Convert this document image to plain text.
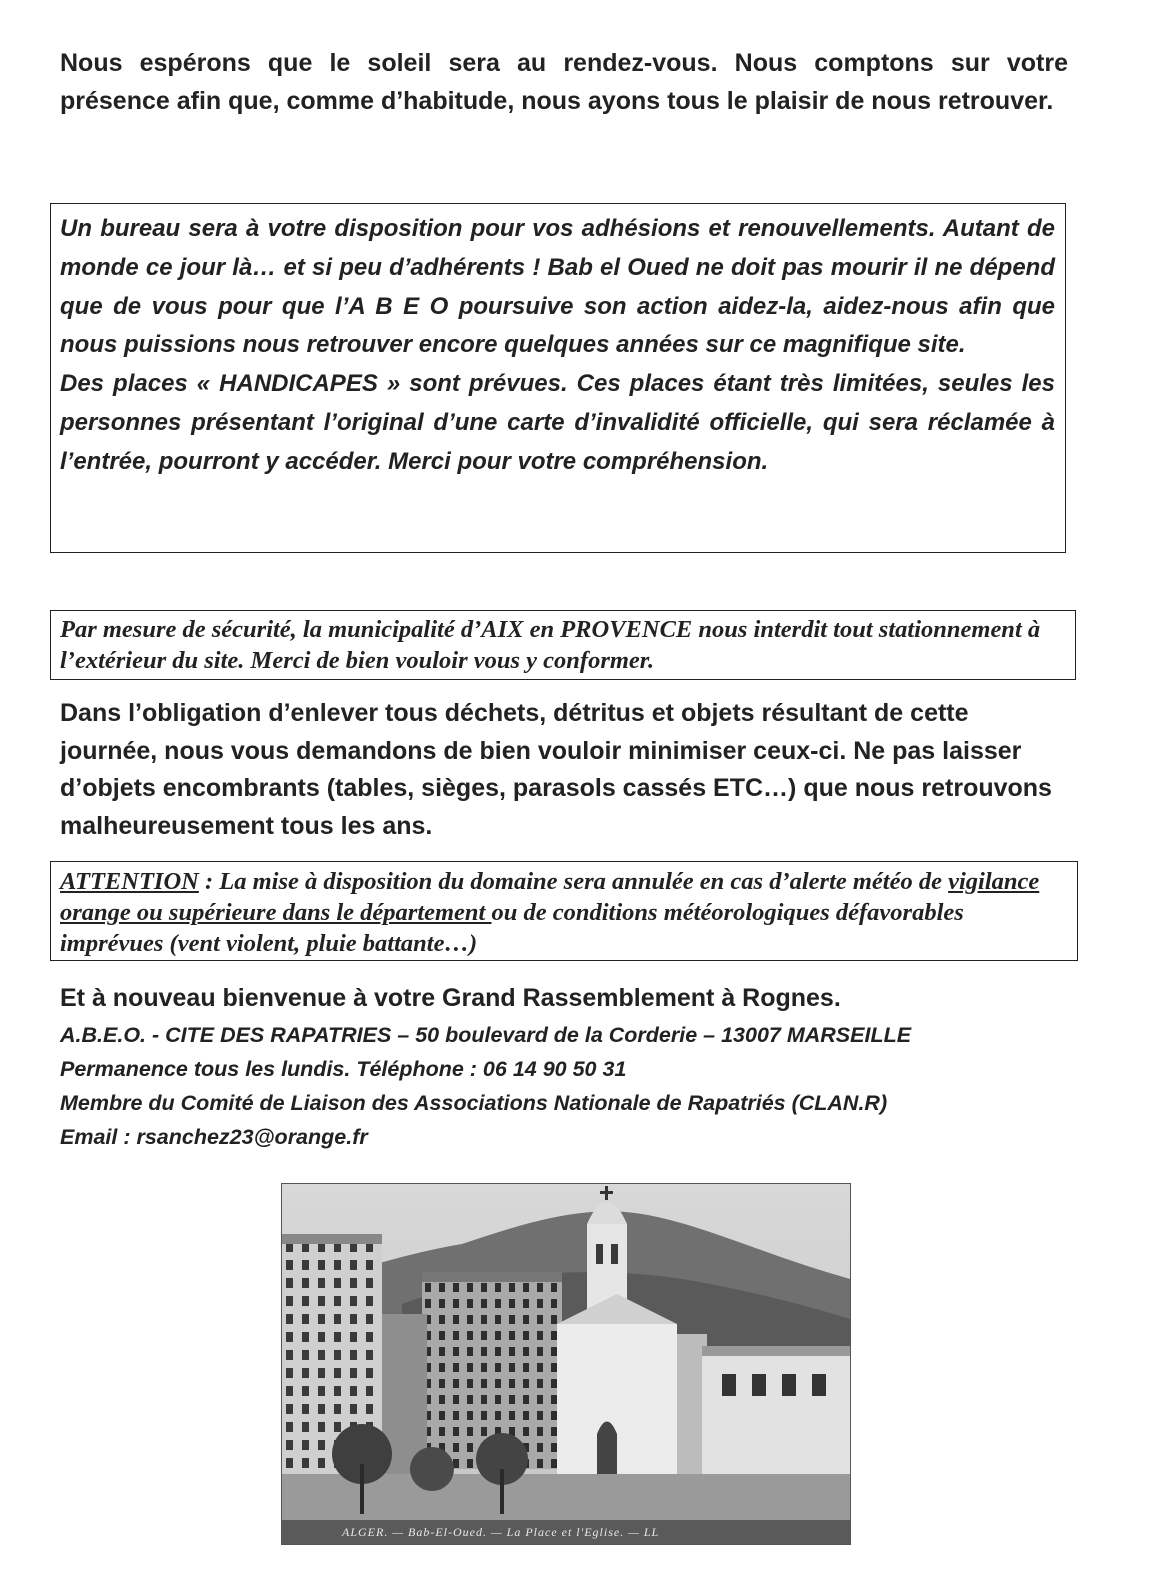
Nous espérons que le soleil sera au rendez-vous. Nous comptons sur votre présence afin que, comme d’habitude, nous ayons tous le plaisir de nous retrouver.

Un bureau sera à votre disposition pour vos adhésions et renouvellements. Autant de monde ce jour là… et si peu d’adhérents ! Bab el Oued ne doit pas mourir il ne dépend que de vous pour que l’A B E O poursuive son action aidez-la, aidez-nous afin que nous puissions nous retrouver encore quelques années sur ce magnifique site.

Des places « HANDICAPES » sont prévues. Ces places étant très limitées, seules les personnes présentant l’original d’une carte d’invalidité officielle, qui sera réclamée à l’entrée, pourront y accéder. Merci pour votre compréhension.

Par mesure de sécurité, la municipalité d’AIX en PROVENCE nous interdit tout stationnement à l’extérieur du site. Merci de bien vouloir vous y conformer.
Dans l’obligation d’enlever tous déchets, détritus et objets résultant de cette journée, nous vous demandons de bien vouloir minimiser ceux-ci. Ne pas laisser d’objets encombrants (tables, sièges, parasols cassés ETC…) que nous retrouvons malheureusement tous les ans.
ATTENTION : La mise à disposition du domaine sera annulée en cas d’alerte météo de vigilance orange ou supérieure dans le département ou de conditions météorologiques défavorables imprévues (vent violent, pluie battante…)
Et à nouveau bienvenue à votre Grand Rassemblement à Rognes.
A.B.E.O. - CITE DES RAPATRIES – 50 boulevard de la Corderie – 13007 MARSEILLE
Permanence tous les lundis. Téléphone : 06 14 90 50 31
Membre du Comité de Liaison des Associations Nationale de Rapatriés (CLAN.R)
Email : rsanchez23@orange.fr
ALGER. — Bab-El-Oued. — La Place et l'Eglise. — LL
